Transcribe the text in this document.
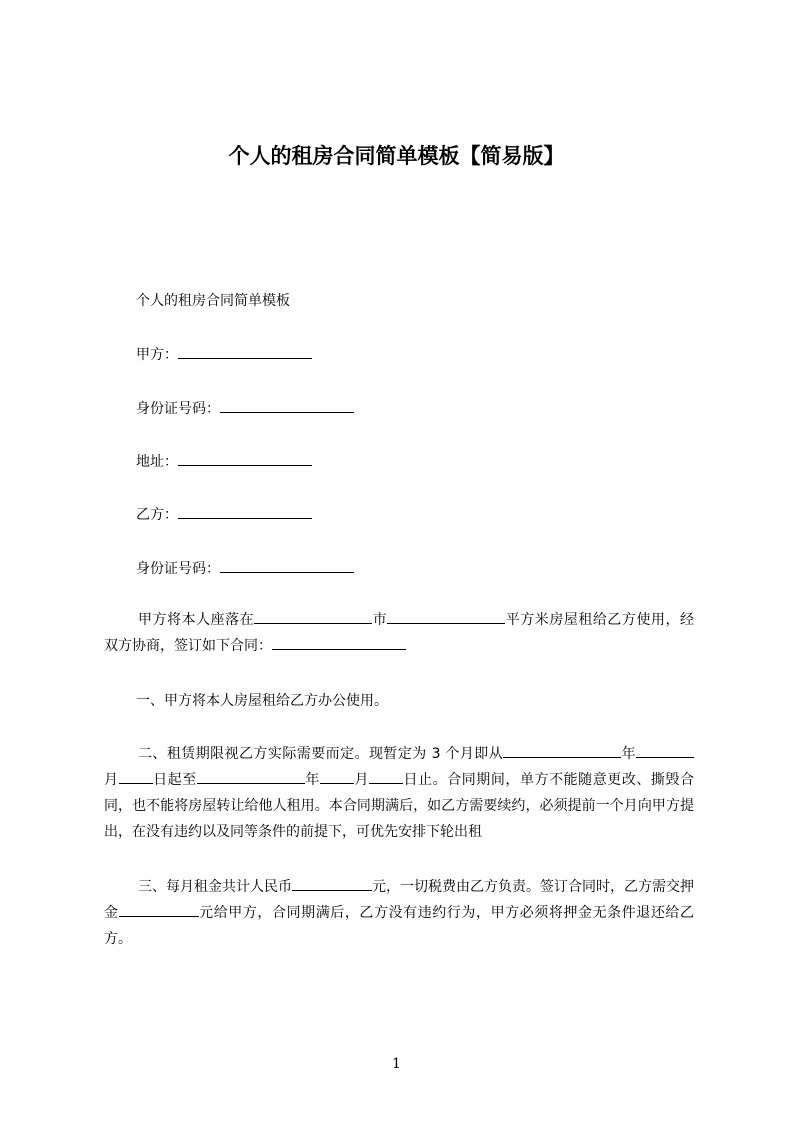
个人的租房合同简单模板【简易版】
个人的租房合同简单模板
甲方：
身份证号码：
地址：
乙方：
身份证号码：
甲方将本人座落在	市	平方米房屋租给乙方使用，经双方协商，签订如下合同：
一、甲方将本人房屋租给乙方办公使用。
二、租赁期限视乙方实际需要而定。现暂定为 3 个月即从	年月 日起至	年 月 日止。合同期间，单方不能随意更改、撕毁合同，也不能将房屋转让给他人租用。本合同期满后，如乙方需要续约，必须提前一个月向甲方提出，在没有违约以及同等条件的前提下，可优先安排下轮出租
三、每月租金共计人民币	元，一切税费由乙方负责。签订合同时，乙方需交押金	元给甲方，合同期满后，乙方没有违约行为，甲方必须将押金无条件退还给乙方。
1
